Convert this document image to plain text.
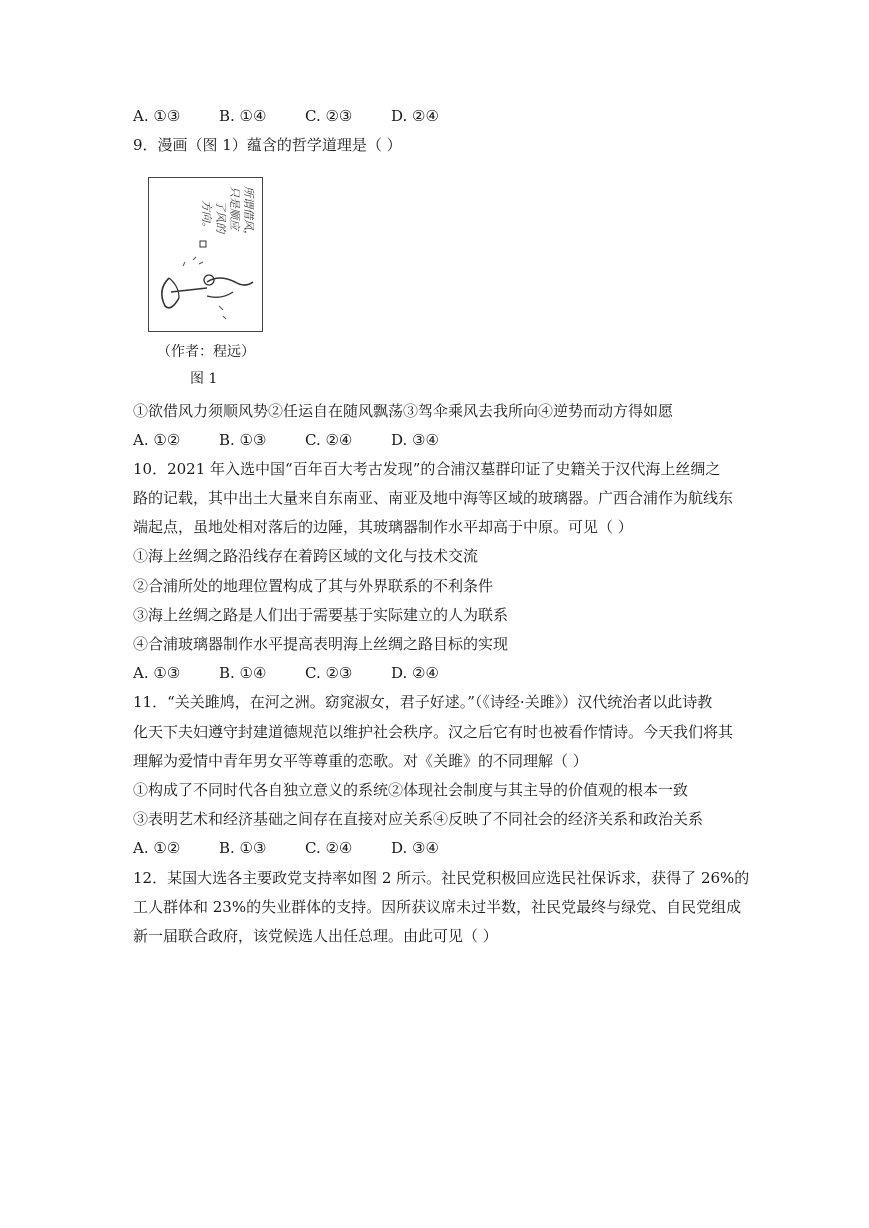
A. ①③	B. ①④	C. ②③	D. ②④
9．漫画（图 1）蕴含的哲学道理是（ ）
所谓借风，
只是顺应
了风的
方向。
（作者：程远）
图 1
①欲借风力须顺风势②任运自在随风飘荡③驾伞乘风去我所向④逆势而动方得如愿
A. ①②	B. ①③	C. ②④	D. ③④
10．2021 年入选中国“百年百大考古发现”的合浦汉墓群印证了史籍关于汉代海上丝绸之
路的记载，其中出土大量来自东南亚、南亚及地中海等区域的玻璃器。广西合浦作为航线东
端起点，虽地处相对落后的边陲，其玻璃器制作水平却高于中原。可见（ ）
①海上丝绸之路沿线存在着跨区域的文化与技术交流
②合浦所处的地理位置构成了其与外界联系的不利条件
③海上丝绸之路是人们出于需要基于实际建立的人为联系
④合浦玻璃器制作水平提高表明海上丝绸之路目标的实现
A. ①③	B. ①④	C. ②③	D. ②④
11．“关关雎鸠，在河之洲。窈窕淑女，君子好逑。”（《诗经·关雎》）汉代统治者以此诗教
化天下夫妇遵守封建道德规范以维护社会秩序。汉之后它有时也被看作情诗。今天我们将其
理解为爱情中青年男女平等尊重的恋歌。对《关雎》的不同理解（ ）
①构成了不同时代各自独立意义的系统②体现社会制度与其主导的价值观的根本一致
③表明艺术和经济基础之间存在直接对应关系④反映了不同社会的经济关系和政治关系
A. ①②	B. ①③	C. ②④	D. ③④
12．某国大选各主要政党支持率如图 2 所示。社民党积极回应选民社保诉求，获得了 26%的
工人群体和 23%的失业群体的支持。因所获议席未过半数，社民党最终与绿党、自民党组成
新一届联合政府，该党候选人出任总理。由此可见（ ）
